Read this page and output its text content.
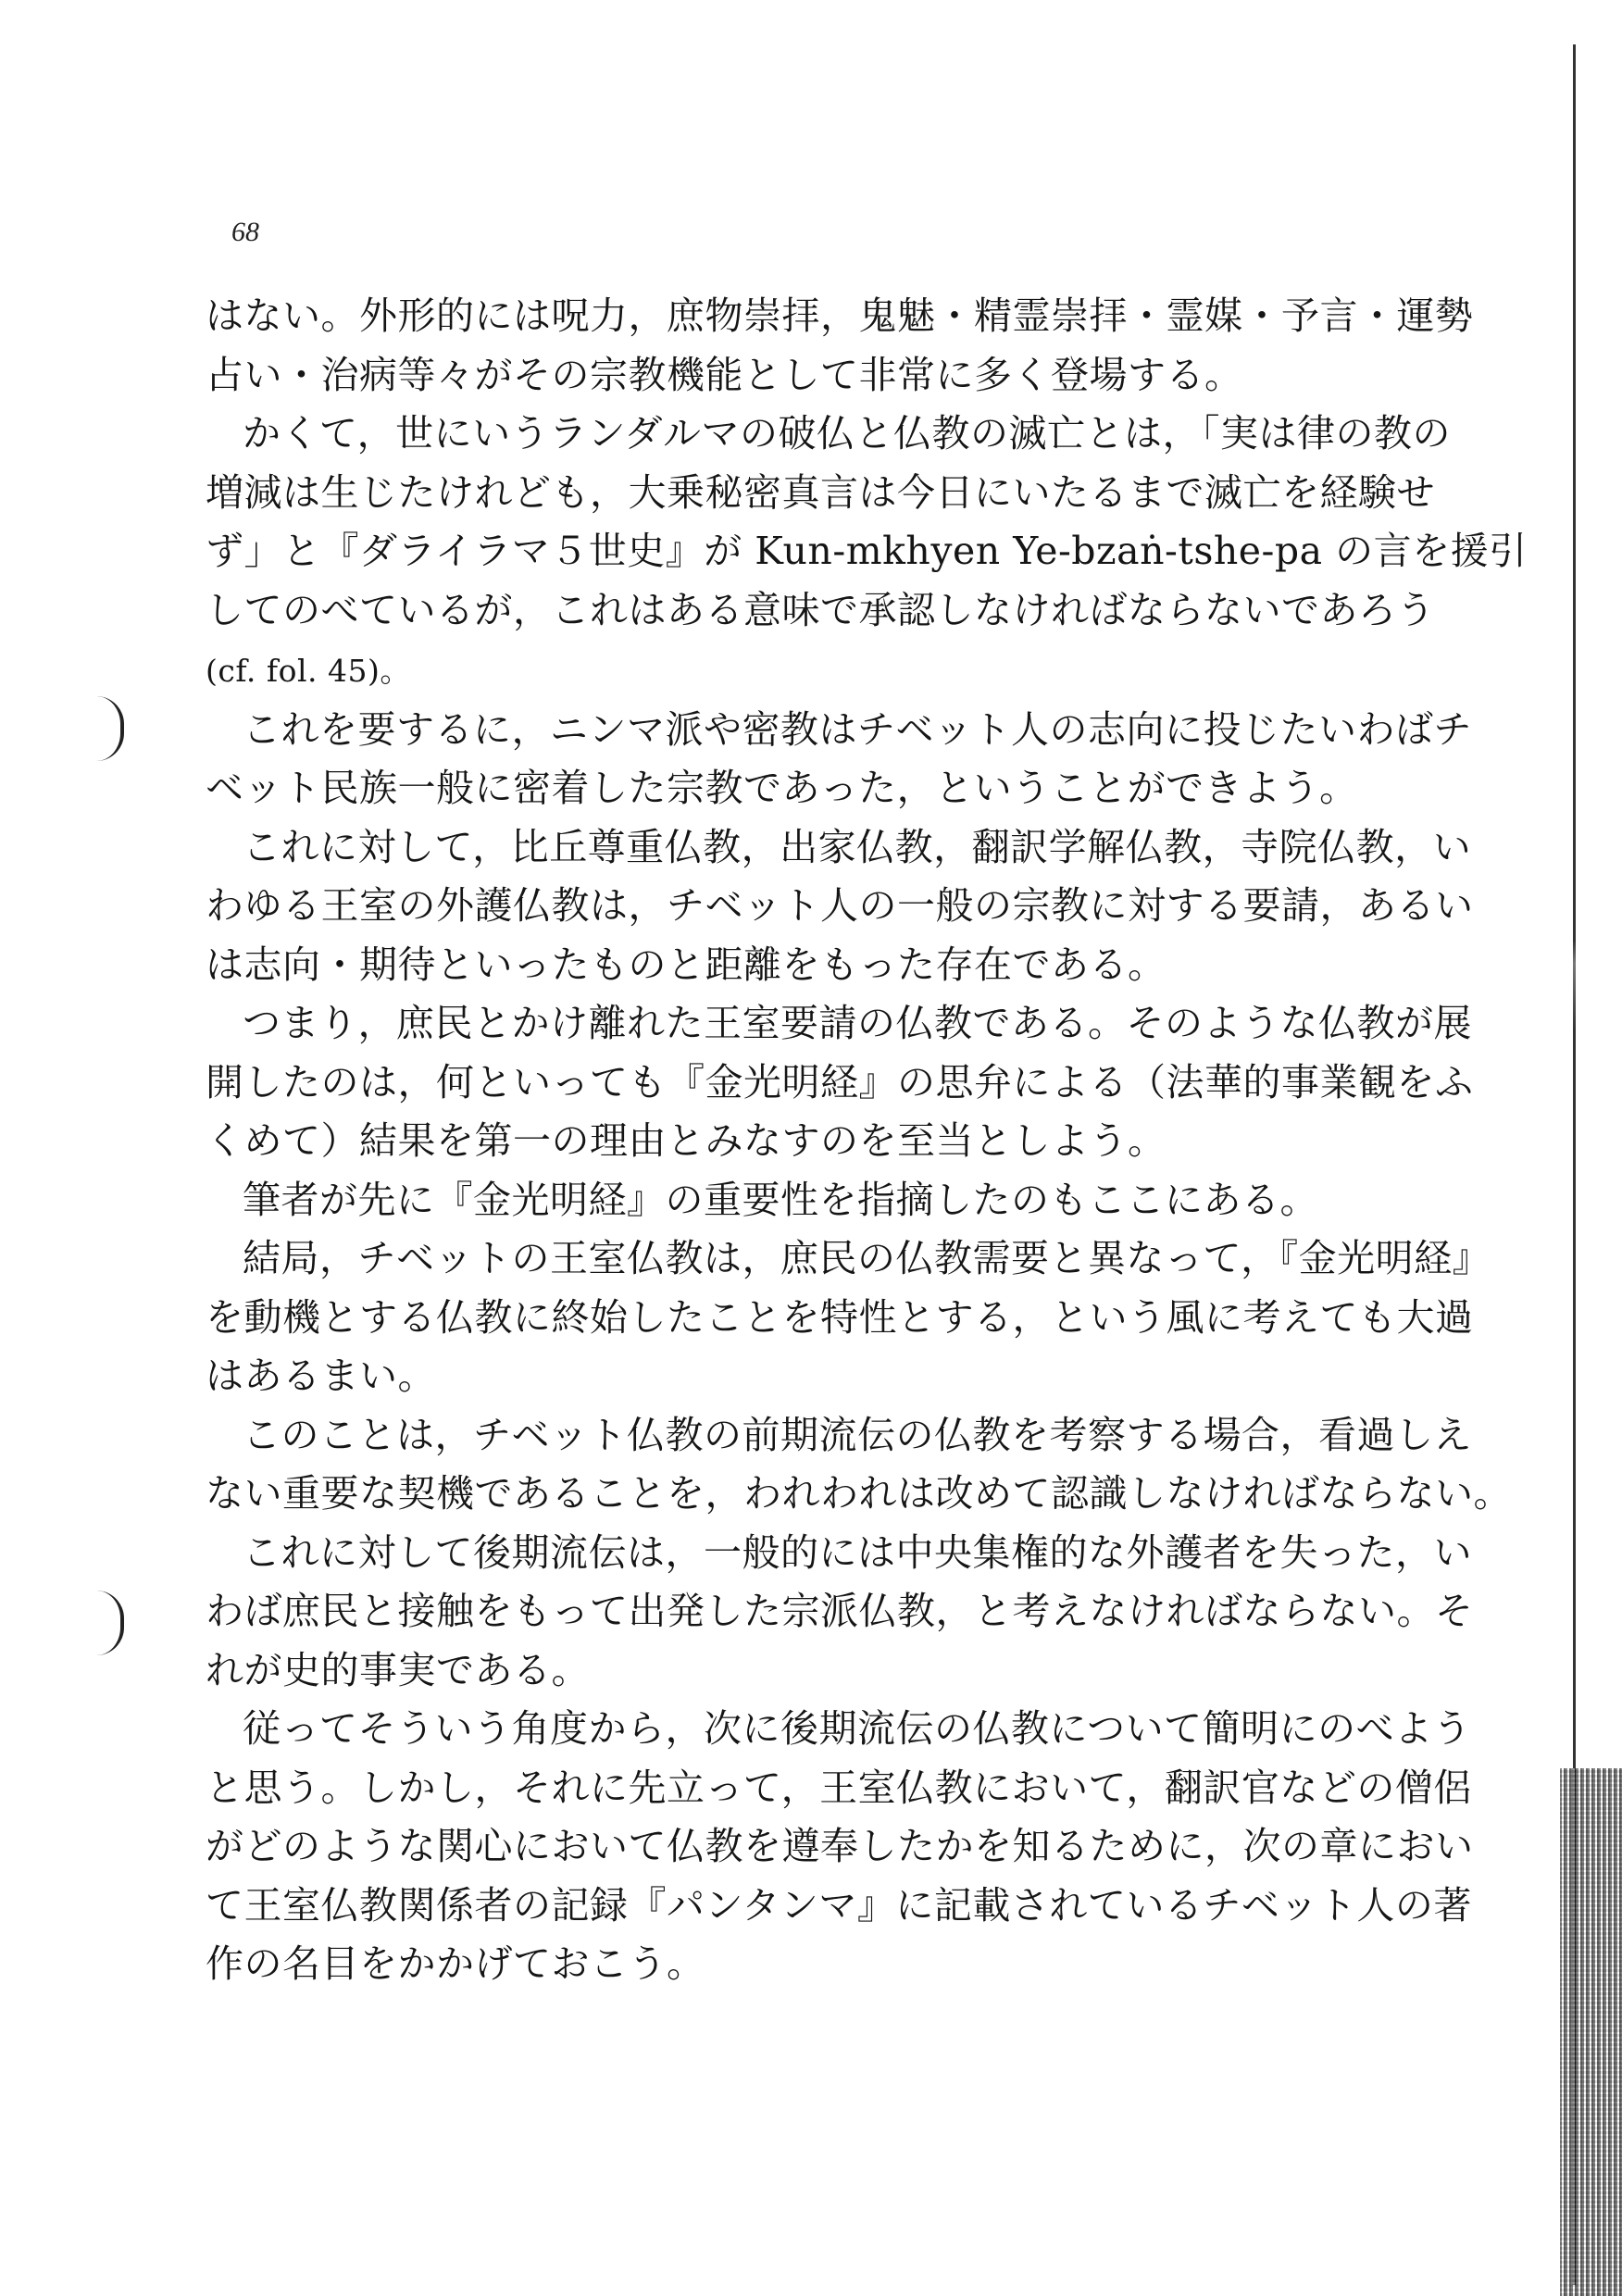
68
はない。外形的には呪力，庶物崇拝，鬼魅・精霊崇拝・霊媒・予言・運勢
占い・治病等々がその宗教機能として非常に多く登場する。
かくて，世にいうランダルマの破仏と仏教の滅亡とは，「実は律の教の
増減は生じたけれども，大乗秘密真言は今日にいたるまで滅亡を経験せ
ず」と『ダライラマ５世史』が Kun-mkhyen Ye-bzaṅ-tshe-pa の言を援引
してのべているが，これはある意味で承認しなければならないであろう
(cf. fol. 45)。
これを要するに，ニンマ派や密教はチベット人の志向に投じたいわばチ
ベット民族一般に密着した宗教であった，ということができよう。
これに対して，比丘尊重仏教，出家仏教，翻訳学解仏教，寺院仏教，い
わゆる王室の外護仏教は，チベット人の一般の宗教に対する要請，あるい
は志向・期待といったものと距離をもった存在である。
つまり，庶民とかけ離れた王室要請の仏教である。そのような仏教が展
開したのは，何といっても『金光明経』の思弁による（法華的事業観をふ
くめて）結果を第一の理由とみなすのを至当としよう。
筆者が先に『金光明経』の重要性を指摘したのもここにある。
結局，チベットの王室仏教は，庶民の仏教需要と異なって，『金光明経』
を動機とする仏教に終始したことを特性とする，という風に考えても大過
はあるまい。
このことは，チベット仏教の前期流伝の仏教を考察する場合，看過しえ
ない重要な契機であることを，われわれは改めて認識しなければならない。
これに対して後期流伝は，一般的には中央集権的な外護者を失った，い
わば庶民と接触をもって出発した宗派仏教，と考えなければならない。そ
れが史的事実である。
従ってそういう角度から，次に後期流伝の仏教について簡明にのべよう
と思う。しかし，それに先立って，王室仏教において，翻訳官などの僧侶
がどのような関心において仏教を遵奉したかを知るために，次の章におい
て王室仏教関係者の記録『パンタンマ』に記載されているチベット人の著
作の名目をかかげておこう。
